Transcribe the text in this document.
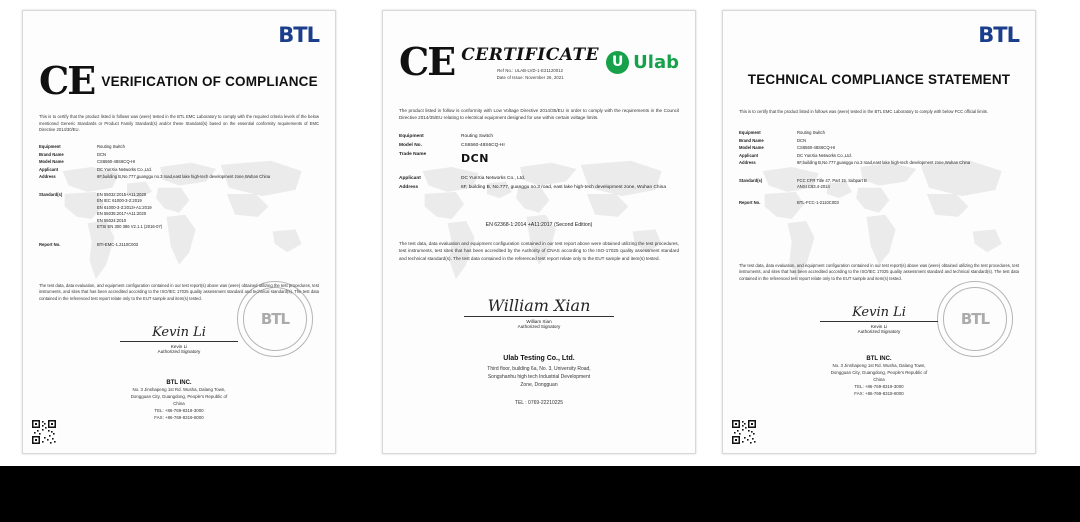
BTL
CE VERIFICATION OF COMPLIANCE
This is to certify that the product listed in follows was (were) tested in the BTL EMC Laboratory to comply with the required criteria levels of the below mentioned Generic Standards or Product Family Standard(s) and/or these Standard(s) based on the essential conformity requirements of EMC Directive 2014/30/EU.
Equipment	Routing Switch
Brand Name	DCN
Model Name	CS6560-48S6CQ-HI
Applicant	DC YunXia Networks Co.,Ltd.
Address	6F,building B,No.777,guanggu no.3 road,east lake high-tech development zone,Wuhan China
Standard(s)	EN 55032:2015+A11:2020
EN IEC 61000-3-2:2019
EN 61000-3-3:2013+A1:2019
EN 55035:2017+A11:2020
EN 55024:2010
ETSI EN 300 386 V2.1.1 (2016-07)
Report No.	BTI-EMC-1.2110C003
The test data, data evaluation, and equipment configuration contained in our test report(s) above was (were) obtained utilizing the test procedures, test instruments, and sites that has been accredited according to the ISO/IEC 17025 quality assessment standard and technical standard(s). The test data contained in the referenced test report relate only to the EUT sample and item(s) tested.
Kevin Li
Kevin Li
Authorized Signatory
BTL INC.
No. 3 Jinshapeng 1st Rd. Wusha, Dalang Town,
Dongguan City, Guangdong, People's Republic of
China
TEL: +86-769-8319-3000
FAX: +86-769-8319-8000
BTL
CE CERTIFICATE
Ref No.: ULAB-LVD-1-E21120012
Date of Issue: November 26, 2021
U Ulab
The product listed in follow is conformity with Low Voltage Directive 2014/35/EU in order to comply with the requirements in the Council Directive 2014/35/EU relating to electrical equipment designed for use within certain voltage limits.
Equipment	Routing Switch
Model No.	CS6560-48S6CQ-HI
Trade Name	DCN
Applicant	DC YunXia Networks Co., Ltd.
Address	6F, building B, No.777, guanggu no.3 road, east lake high-tech development zone, Wuhan China
EN 62368-1:2014 +A11:2017 (Second Edition)
The test data, data evaluation and equipment configuration contained in our test report above were obtained utilizing the test procedures, test instruments, test sites that has been accredited by the Authority of CNAS according to the ISO-17025 quality assessment standard and technical standard(s). The test data contained in the referenced test report relate only to the EUT sample and item(s) tested.
William Xian
William Xian
Authorized Signatory
Ulab Testing Co., Ltd.
Third floor, building 6a, No. 3, University Road,
Songshanhu high tech Industrial Development
Zone, Dongguan
TEL : 0769-22210225
BTL
TECHNICAL COMPLIANCE STATEMENT
This is to certify that the product listed in follows was (were) tested in the BTL EMC Laboratory to comply with below FCC official limits.
Equipment	Routing Switch
Brand Name	DCN
Model Name	CS6560-48S6CQ-HI
Applicant	DC YunXia Networks Co.,Ltd.
Address	6F,building B,No.777,guanggu no.3 road,east lake high-tech development zone,Wuhan China
Standard(s)	FCC CFR Title 47, Part 15, Subpart B
ANSI C63.4-2014
Report No.	BTL-FCC-1-2110C003
The test data, data evaluation, and equipment configuration contained in our test report(s) above was (were) obtained utilizing the test procedures, test instruments, and sites that has been accredited according to the ISO/IEC 17025 quality assessment standard and technical standard(s). The test data contained in the referenced test report relate only to the EUT sample and item(s) tested.
Kevin Li
Kevin Li
Authorized Signatory
BTL INC.
No. 3 Jinshapeng 1st Rd. Wusha, Dalang Town,
Dongguan City, Guangdong, People's Republic of
China
TEL: +86-769-8319-3000
FAX: +86-769-8319-8000
BTL
